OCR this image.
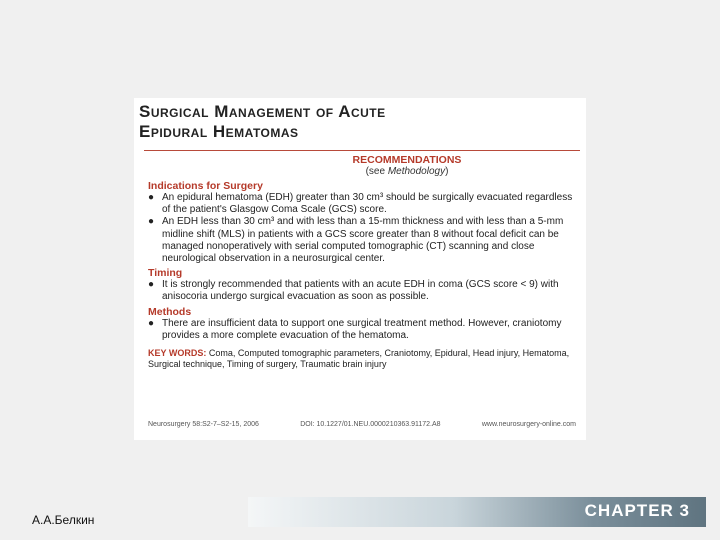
Surgical Management of Acute
Epidural Hematomas
RECOMMENDATIONS
(see Methodology)
Indications for Surgery
● An epidural hematoma (EDH) greater than 30 cm³ should be surgically evacuated regardless of the patient's Glasgow Coma Scale (GCS) score.
● An EDH less than 30 cm³ and with less than a 15-mm thickness and with less than a 5-mm midline shift (MLS) in patients with a GCS score greater than 8 without focal deficit can be managed nonoperatively with serial computed tomographic (CT) scanning and close neurological observation in a neurosurgical center.
Timing
● It is strongly recommended that patients with an acute EDH in coma (GCS score < 9) with anisocoria undergo surgical evacuation as soon as possible.
Methods
● There are insufficient data to support one surgical treatment method. However, craniotomy provides a more complete evacuation of the hematoma.
KEY WORDS: Coma, Computed tomographic parameters, Craniotomy, Epidural, Head injury, Hematoma, Surgical technique, Timing of surgery, Traumatic brain injury
Neurosurgery 58:S2-7–S2-15, 2006	DOI: 10.1227/01.NEU.0000210363.91172.A8	www.neurosurgery-online.com
А.А.Белкин	CHAPTER 3
